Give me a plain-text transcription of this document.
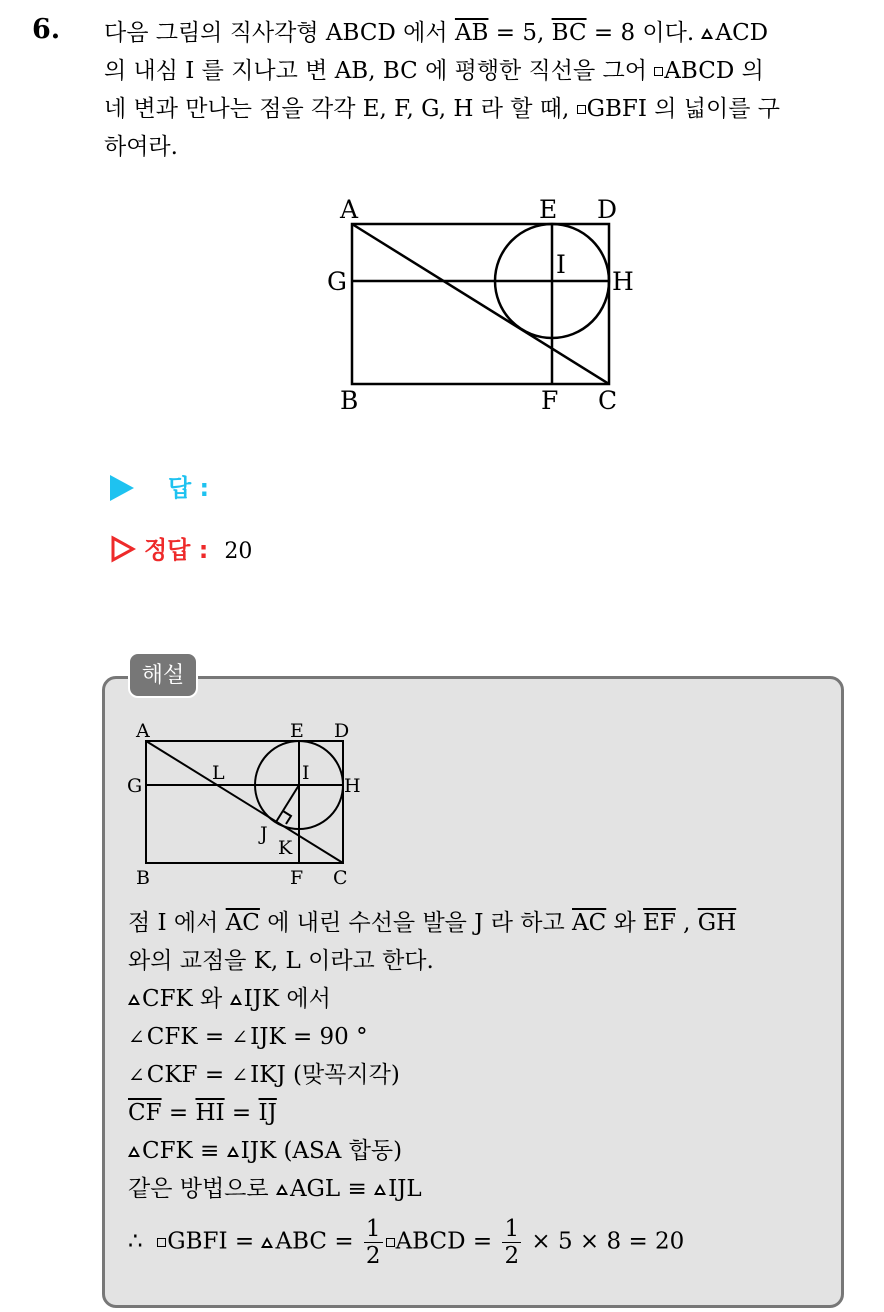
6. 다음 그림의 직사각형 ABCD 에서 $\overline{AB} = 5$, $\overline{BC} = 8$ 이다. ACD
의 내심 I 를 지나고 변 AB, BC 에 평행한 직선을 그어 ABCD 의
네 변과 만나는 점을 각각 E, F, G, H 라 할 때, GBFI 의 넓이를 구
하여라.
A	E D
G
I
H
B	F C
답 :
정답 : 20
해설
A	E D
G
L	I
H
J
K
B	F C
점 I 에서 $\overline{AC}$ 에 내린 수선을 발을 J 라 하고 $\overline{AC}$ 와 $\overline{EF}$ , $\overline{GH}$
와의 교점을 K, L 이라고 한다.
CFK 와 IJK 에서
∠CFK = ∠IJK = 90 °
∠CKF = ∠IKJ (맞꼭지각)
$\overline{CF} = \overline{HI} = \overline{IJ}$
CFK ≡ IJK (ASA 합동)
같은 방법으로 AGL ≡ IJL
∴ GBFI = ABC = $\frac{1}{2}$ ABCD = $\frac{1}{2} \times 5 \times 8 = 20$
